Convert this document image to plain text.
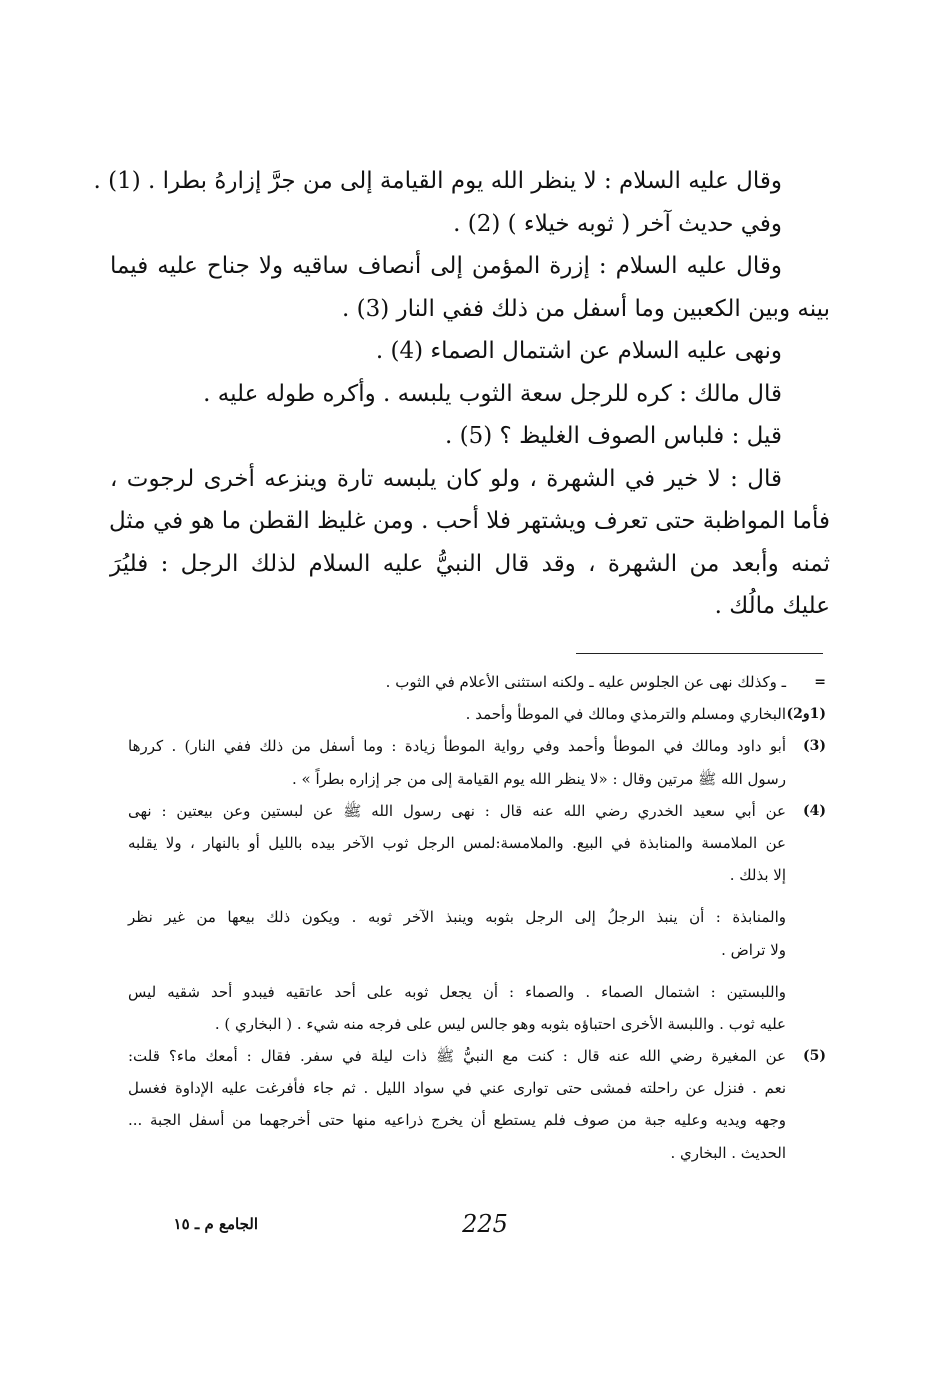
وقال عليه السلام : لا ينظر الله يوم القيامة إلى من جرَّ إزارهُ بطرا . (1) .
وفي حديث آخر ( ثوبه خيلاء ) (2) .
وقال عليه السلام : إزرة المؤمن إلى أنصاف ساقيه ولا جناح عليه فيما
بينه وبين الكعبين وما أسفل من ذلك ففي النار (3) .
ونهى عليه السلام عن اشتمال الصماء (4) .
قال مالك : كره للرجل سعة الثوب يلبسه . وأكره طوله عليه .
قيل : فلباس الصوف الغليظ ؟ (5) .
قال : لا خير في الشهرة ، ولو كان يلبسه تارة وينزعه أخرى لرجوت ،
فأما المواظبة حتى تعرف ويشتهر فلا أحب . ومن غليظ القطن ما هو في مثل
ثمنه وأبعد من الشهرة ، وقد قال النبيُّ عليه السلام لذلك الرجل : فليُرَ
عليك مالُك .
=
ـ وكذلك نهى عن الجلوس عليه ـ ولكنه استثنى الأعلام في الثوب .
(1و2)
البخاري ومسلم والترمذي ومالك في الموطأ وأحمد .
(3)
أبو داود ومالك في الموطأ وأحمد وفي رواية الموطأ زيادة : وما أسفل من ذلك ففي النار) . كررها
رسول الله ﷺ مرتين وقال : «لا ينظر الله يوم القيامة إلى من جر إزاره بطراً » .
(4)
عن أبي سعيد الخدري رضي الله عنه قال : نهى رسول الله ﷺ عن لبستين وعن بيعتين : نهى
عن الملامسة والمنابذة في البيع. والملامسة:لمس الرجل ثوب الآخر بيده بالليل أو بالنهار ، ولا يقلبه
إلا بذلك .
والمنابذة : أن ينبذ الرجلُ إلى الرجل بثوبه وينبذ الآخر ثوبه . ويكون ذلك بيعها من غير نظر
ولا تراض .
واللبستين : اشتمال الصماء . والصماء : أن يجعل ثوبه على أحد عاتقيه فيبدو أحد شقيه ليس
عليه ثوب . واللبسة الأخرى احتباؤه بثوبه وهو جالس ليس على فرجه منه شيء . ( البخاري ) .
(5)
عن المغيرة رضي الله عنه قال : كنت مع النبيُّ ﷺ ذات ليلة في سفر. فقال : أمعك ماء؟ قلت:
نعم . فنزل عن راحلته فمشى حتى توارى عني في سواد الليل . ثم جاء فأفرغت عليه الإداوة فغسل
وجهه ويديه وعليه جبة من صوف فلم يستطع أن يخرج ذراعيه منها حتى أخرجهما من أسفل الجبة ...
الحديث . البخاري .
225
الجامع م ـ ١٥
